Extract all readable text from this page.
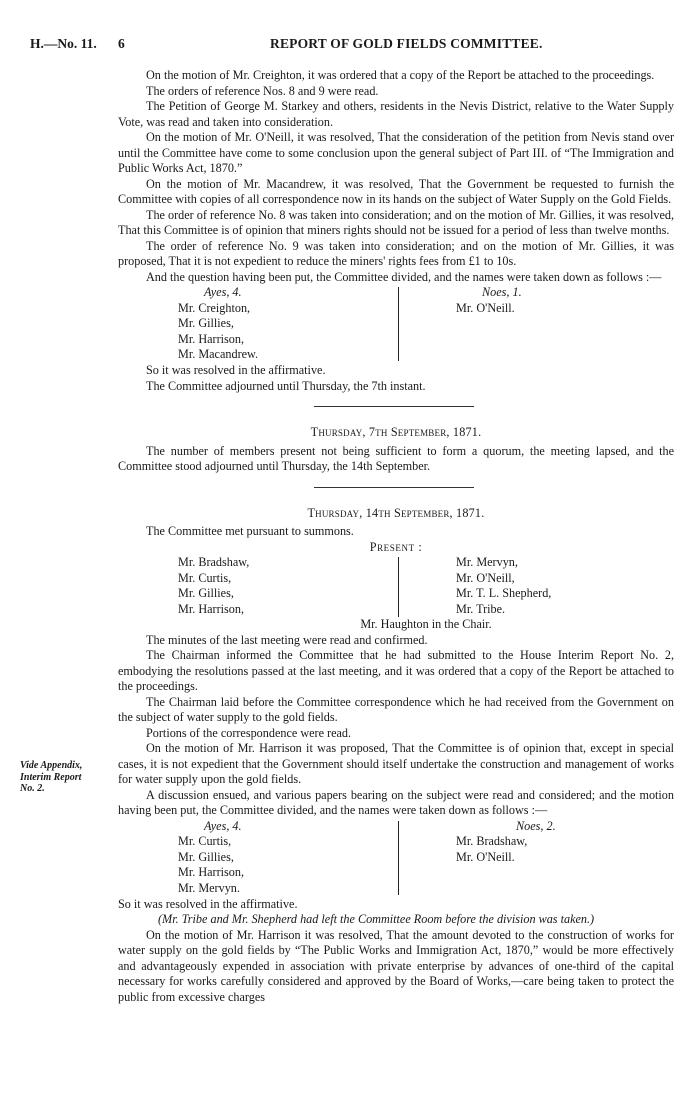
H.—No. 11. 6	REPORT OF GOLD FIELDS COMMITTEE.
Vide Appendix,
Interim Report
No. 2.

On the motion of Mr. Creighton, it was ordered that a copy of the Report be attached to the proceedings.

The orders of reference Nos. 8 and 9 were read.

The Petition of George M. Starkey and others, residents in the Nevis District, relative to the Water Supply Vote, was read and taken into consideration.

On the motion of Mr. O'Neill, it was resolved, That the consideration of the petition from Nevis stand over until the Committee have come to some conclusion upon the general subject of Part III. of “The Immigration and Public Works Act, 1870.”

On the motion of Mr. Macandrew, it was resolved, That the Government be requested to furnish the Committee with copies of all correspondence now in its hands on the subject of Water Supply on the Gold Fields.

The order of reference No. 8 was taken into consideration; and on the motion of Mr. Gillies, it was resolved, That this Committee is of opinion that miners rights should not be issued for a period of less than twelve months.

The order of reference No. 9 was taken into consideration; and on the motion of Mr. Gillies, it was proposed, That it is not expedient to reduce the miners' rights fees from £1 to 10s.

And the question having been put, the Committee divided, and the names were taken down as follows :—

Ayes, 4.
Mr. Creighton,
Mr. Gillies,
Mr. Harrison,
Mr. Macandrew.
Noes, 1.
Mr. O'Neill.

So it was resolved in the affirmative.

The Committee adjourned until Thursday, the 7th instant.

Thursday, 7th September, 1871.

The number of members present not being sufficient to form a quorum, the meeting lapsed, and the Committee stood adjourned until Thursday, the 14th September.

Thursday, 14th September, 1871.

The Committee met pursuant to summons.

Present :
Mr. Bradshaw,
Mr. Curtis,
Mr. Gillies,
Mr. Harrison,
Mr. Mervyn,
Mr. O'Neill,
Mr. T. L. Shepherd,
Mr. Tribe.
Mr. Haughton in the Chair.

The minutes of the last meeting were read and confirmed.

The Chairman informed the Committee that he had submitted to the House Interim Report No. 2, embodying the resolutions passed at the last meeting, and it was ordered that a copy of the Report be attached to the proceedings.

The Chairman laid before the Committee correspondence which he had received from the Government on the subject of water supply to the gold fields.

Portions of the correspondence were read.

On the motion of Mr. Harrison it was proposed, That the Committee is of opinion that, except in special cases, it is not expedient that the Government should itself undertake the construction and management of works for water supply upon the gold fields.

A discussion ensued, and various papers bearing on the subject were read and considered; and the motion having been put, the Committee divided, and the names were taken down as follows :—

Ayes, 4.
Mr. Curtis,
Mr. Gillies,
Mr. Harrison,
Mr. Mervyn.
Noes, 2.
Mr. Bradshaw,
Mr. O'Neill.

So it was resolved in the affirmative.

(Mr. Tribe and Mr. Shepherd had left the Committee Room before the division was taken.)

On the motion of Mr. Harrison it was resolved, That the amount devoted to the construction of works for water supply on the gold fields by “The Public Works and Immigration Act, 1870,” would be more effectively and advantageously expended in association with private enterprise by advances of one-third of the capital necessary for works carefully considered and approved by the Board of Works,—care being taken to protect the public from excessive charges
